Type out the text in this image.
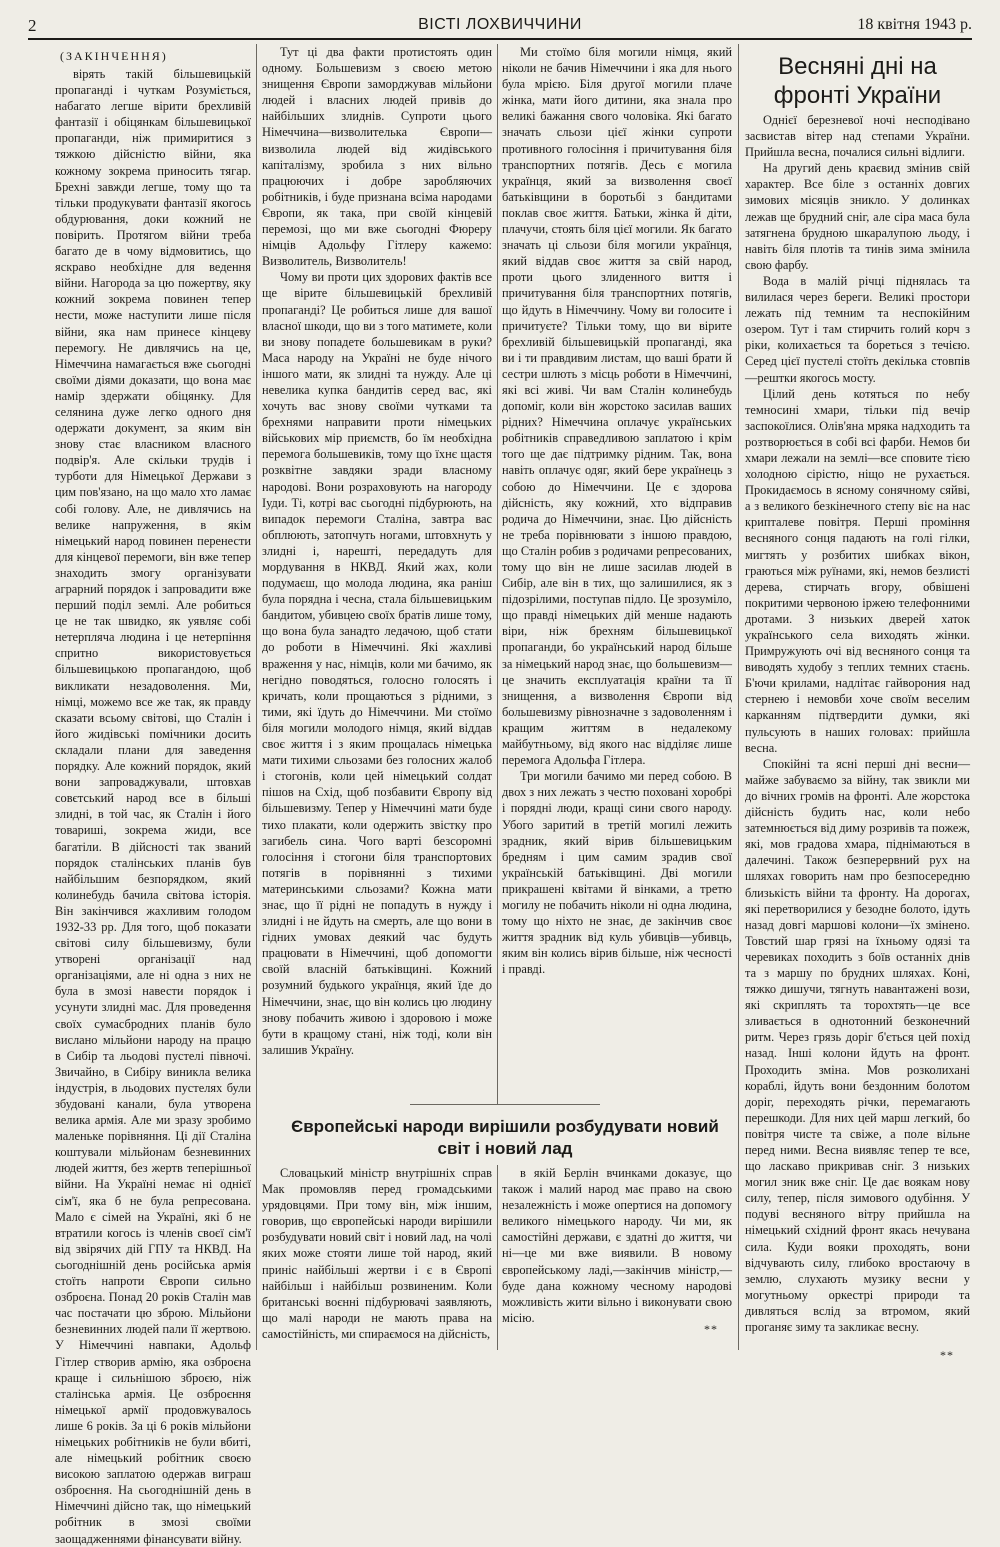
2	ВІСТІ ЛОХВИЧЧИНИ	18 квітня 1943 р.
(ЗАКІНЧЕННЯ)

вірять такій більшевицькій пропаганді і чуткам Розуміється, набагато легше вірити брехливій фантазії і обіцянкам більшевицької пропаганди, ніж примиритися з тяжкою дійсністю війни, яка кожному зокрема приносить тягар. Брехні завжди легше, тому що та тільки продукувати фантазії якогось обдурювання, доки кожний не повірить. Протягом війни треба багато де в чому відмовитись, що яскраво необхідне для ведення війни. Нагорода за цю пожертву, яку кожний зокрема повинен тепер нести, може наступити лише після війни, яка нам принесе кінцеву перемогу. Не дивлячись на це, Німеччина намагається вже сьогодні своїми діями доказати, що вона має намір здержати обіцянку. Для селянина дуже легко одного дня одержати документ, за яким він знову стає власником власного подвір'я. Але скільки трудів і турботи для Німецької Держави з цим пов'язано, на що мало хто ламає собі голову. Але, не дивлячись на велике напруження, в якім німецький народ повинен перенести для кінцевої перемоги, він вже тепер знаходить змогу організувати аграрний порядок і запровадити вже перший поділ землі. Але робиться це не так швидко, як уявляє собі нетерпляча людина і це нетерпіння спритно використовується більшевицькою пропагандою, щоб викликати незадоволення. Ми, німці, можемо все же так, як правду сказати всьому світові, що Сталін і його жидівські помічники досить складали плани для заведення порядку. Але кожний порядок, який вони запроваджували, штовхав совєтський народ все в більші злидні, в той час, як Сталін і його товариші, зокрема жиди, все багатіли. В дійсності так званий порядок сталінських планів був найбільшим безпорядком, який колинебудь бачила світова історія. Він закінчився жахливим голодом 1932-33 рр. Для того, щоб показати світові силу більшевизму, були утворені організації над організаціями, але ні одна з них не була в змозі навести порядок і усунути злидні мас. Для проведення своїх сумасбродних планів було вислано мільйони народу на працю в Сибір та льодові пустелі півночі. Звичайно, в Сибіру виникла велика індустрія, в льодових пустелях були збудовані канали, була утворена велика армія. Але ми зразу зробимо маленьке порівняння. Ці дії Сталіна коштували мільйонам безневинних людей життя, без жертв теперішньої війни. На Україні немає ні однієї сім'ї, яка б не була репресована. Мало є сімей на Україні, які б не втратили когось із членів своєї сім'ї від звірячих дій ГПУ та НКВД. На сьогоднішній день російська армія стоїть напроти Європи сильно озброєна. Понад 20 років Сталін мав час постачати цю зброю. Мільйони безневинних людей пали її жертвою. У Німеччині навпаки, Адольф Гітлер створив армію, яка озброєна краще і сильнішою зброєю, ніж сталінська армія. Це озброєння німецької армії продовжувалось лише 6 років. За ці 6 років мільйони німецьких робітників не були вбиті, але німецький робітник своєю високою заплатою одержав виграш озброєння. На сьогоднішній день в Німеччині дійсно так, що німецький робітник в змозі своїми заощадженнями фінансувати війну.

Тут ці два факти протистоять один одному. Большевизм з своєю метою знищення Європи заморджував мільйони людей і власних людей привів до найбільших злиднів. Супроти цього Німеччина—визволителька Європи—визволила людей від жидівського капіталізму, зробила з них вільно працюючих і добре заробляючих робітників, і буде признана всіма народами Європи, як така, при своїй кінцевій перемозі, що ми вже сьогодні Фюреру німців Адольфу Гітлеру кажемо: Визволитель, Визволитель!

Чому ви проти цих здорових фактів все ще вірите більшевицькій брехливій пропаганді? Це робиться лише для вашої власної шкоди, що ви з того матимете, коли ви знову попадете большевикам в руки? Маса народу на Україні не буде нічого іншого мати, як злидні та нужду. Але ці невелика купка бандитів серед вас, які хочуть вас знову своїми чутками та брехнями направити проти німецьких військових мір приємств, бо їм необхідна перемога большевиків, тому що їхнє щастя розквітне завдяки зради власному народові. Вони розраховують на нагороду Іуди. Ті, котрі вас сьогодні підбурюють, на випадок перемоги Сталіна, завтра вас обплюють, затопчуть ногами, штовхнуть у злидні і, нарешті, передадуть для мордування в НКВД. Який жах, коли подумаєш, що молода людина, яка раніш була порядна і чесна, стала більшевицьким бандитом, убивцею своїх братів лише тому, що вона була занадто ледачою, щоб стати до роботи в Німеччині. Які жахливі враження у нас, німців, коли ми бачимо, як негідно поводяться, голосно голосять і кричать, коли прощаються з рідними, з тими, які їдуть до Німеччини. Ми стоїмо біля могили молодого німця, який віддав своє життя і з яким прощалась німецька мати тихими сльозами без голосних жалоб і стогонів, коли цей німецький солдат пішов на Схід, щоб позбавити Європу від більшевизму. Тепер у Німеччині мати буде тихо плакати, коли одержить звістку про загибель сина. Чого варті безсоромні голосіння і стогони біля транспортових потягів в порівнянні з тихими материнськими сльозами? Кожна мати знає, що її рідні не попадуть в нужду і злидні і не йдуть на смерть, але що вони в гідних умовах деякий час будуть працювати в Німеччині, щоб допомогти своїй власній батьківщині. Кожний розумний будького українця, який їде до Німеччини, знає, що він колись цю людину знову побачить живою і здоровою і може бути в кращому стані, ніж тоді, коли він залишив Україну.

Ми стоїмо біля могили німця, який ніколи не бачив Німеччини і яка для нього була мрією. Біля другої могили плаче жінка, мати його дитини, яка знала про великі бажання свого чоловіка. Які багато значать сльози цієї жінки супроти противного голосіння і причитування біля транспортних потягів. Десь є могила українця, який за визволення своєї батьківщини в боротьбі з бандитами поклав своє життя. Батьки, жінка й діти, плачучи, стоять біля цієї могили. Як багато значать ці сльози біля могили українця, який віддав своє життя за свій народ, проти цього злиденного виття і причитування біля транспортних потягів, що йдуть в Німеччину. Чому ви голосите і причитуєте? Тільки тому, що ви вірите брехливій більшевицькій пропаганді, яка ви і ти правдивим листам, що ваші брати й сестри шлють з місць роботи в Німеччині, які всі живі. Чи вам Сталін колинебудь допоміг, коли він жорстоко засилав ваших рідних? Німеччина оплачує українських робітників справедливою заплатою і крім того ще дає підтримку рідним. Так, вона навіть оплачує одяг, який бере українець з собою до Німеччини. Це є здорова дійсність, яку кожний, хто відправив родича до Німеччини, знає. Цю дійсність не треба порівнювати з іншою правдою, що Сталін робив з родичами репресованих, тому що він не лише засилав людей в Сибір, але він в тих, що залишилися, як з підозрілими, поступав підло. Це зрозуміло, що правді німецьких дій менше надають віри, ніж брехням більшевицької пропаганди, бо український народ більше за німецький народ знає, що большевизм—це значить експлуатація країни та її знищення, а визволення Європи від большевизму рівнозначне з задоволенням і кращим життям в недалекому майбутньому, від якого нас відділяє лише перемога Адольфа Гітлера.

Три могили бачимо ми перед собою. В двох з них лежать з честю поховані хоробрі і порядні люди, кращі сини свого народу. Убого заритий в третій могилі лежить зрадник, який вірив більшевицьким бредням і цим самим зрадив свої українській батьківщині. Дві могили прикрашені квітами й вінками, а третю могилу не побачить ніколи ні одна людина, тому що ніхто не знає, де закінчив своє життя зрадник від куль убивців—убивць, яким він колись вірив більше, ніж чесності і правді.

Весняні дні на фронті України

Однієї березневої ночі несподівано засвистав вітер над степами України. Прийшла весна, почалися сильні відлиги.

На другий день краєвид змінив свій характер. Все біле з останніх довгих зимових місяців зникло. У долинках лежав ще брудний сніг, але сіра маса була затягнена брудною шкаралупою льоду, і навіть біля плотів та тинів зима змінила свою фарбу.

Вода в малій річці піднялась та вилилася через береги. Великі простори лежать під темним та неспокійним озером. Тут і там стирчить голий корч з ріки, колихається та бореться з течією. Серед цієї пустелі стоїть декілька стовпів—рештки якогось мосту.

Цілий день котяться по небу темносині хмари, тільки під вечір заспокоїлися. Олів'яна мряка надходить та розтворюється в собі всі фарби. Немов би хмари лежали на землі—все сповите тією холодною сірістю, ніщо не рухається. Прокидаємось в ясному сонячному сяйві, а з великого безкінечного степу віє на нас крипталеве повітря. Перші проміння весняного сонця падають на голі гілки, мигтять у розбитих шибках вікон, граються між руїнами, які, немов безлисті дерева, стирчать вгору, обвішені покритими червоною іржею телефонними дротами. З низьких дверей хаток українського села виходять жінки. Примружують очі від весняного сонця та виводять худобу з теплих темних стаєнь. Б'ючи крилами, надлітає гайворония над стернею і немовби хоче своїм веселим карканням підтвердити думки, які пульсують в наших головах: прийшла весна.

Спокійні та ясні перші дні весни—майже забуваємо за війну, так звикли ми до вічних громів на фронті. Але жорстока дійсність будить нас, коли небо затемнюється від диму розривів та пожеж, які, мов градова хмара, піднімаються в далечині. Також безперервний рух на шляхах говорить нам про безпосередню близькість війни та фронту. На дорогах, які перетворилися у безодне болото, ідуть назад довгі маршові колони—їх змінено. Товстий шар грязі на їхньому одязі та черевиках походить з боїв останніх днів та з маршу по брудних шляхах. Коні, тяжко дишучи, тягнуть навантажені вози, які скриплять та торохтять—це все зливається в однотонний безконечний ритм. Через грязь доріг б'ється цей похід назад. Інші колони йдуть на фронт. Проходить зміна. Мов розколихані кораблі, йдуть вони бездонним болотом доріг, переходять річки, перемагають перешкоди. Для них цей марш легкий, бо повітря чисте та свіже, а поле вільне перед ними. Весна виявляє тепер те все, що ласкаво прикривав сніг. З низьких могил зник вже сніг. Це дає воякам нову силу, тепер, після зимового одубіння. У подуві весняного вітру прийшла на німецький східний фронт якась нечувана сила. Куди вояки проходять, вони відчувають силу, глибоко вростаючу в землю, слухають музику весни у могутньому оркестрі природи та дивляться вслід за втромом, який проганяє зиму та закликає весну.

Європейські народи вирішили розбудувати новий світ і новий лад

Словацький міністр внутрішніх справ Мак промовляв перед громадськими урядовцями. При тому він, між іншим, говорив, що європейські народи вирішили розбудувати новий світ і новий лад, на чолі яких може стояти лише той народ, який приніс найбільші жертви і є в Європі найбільш і найбільш розвиненим. Коли британські воєнні підбурювачі заявляють, що малі народи не мають права на самостійність, ми спираємося на дійсність,

в якій Берлін вчинками доказує, що також і малий народ має право на свою незалежність і може опертися на допомогу великого німецького народу. Чи ми, як самостійні держави, є здатні до життя, чи ні—це ми вже виявили. В новому європейському ладі,—закінчив міністр,—буде дана кожному чесному народові можливість жити вільно і виконувати свою місію.

**
**
